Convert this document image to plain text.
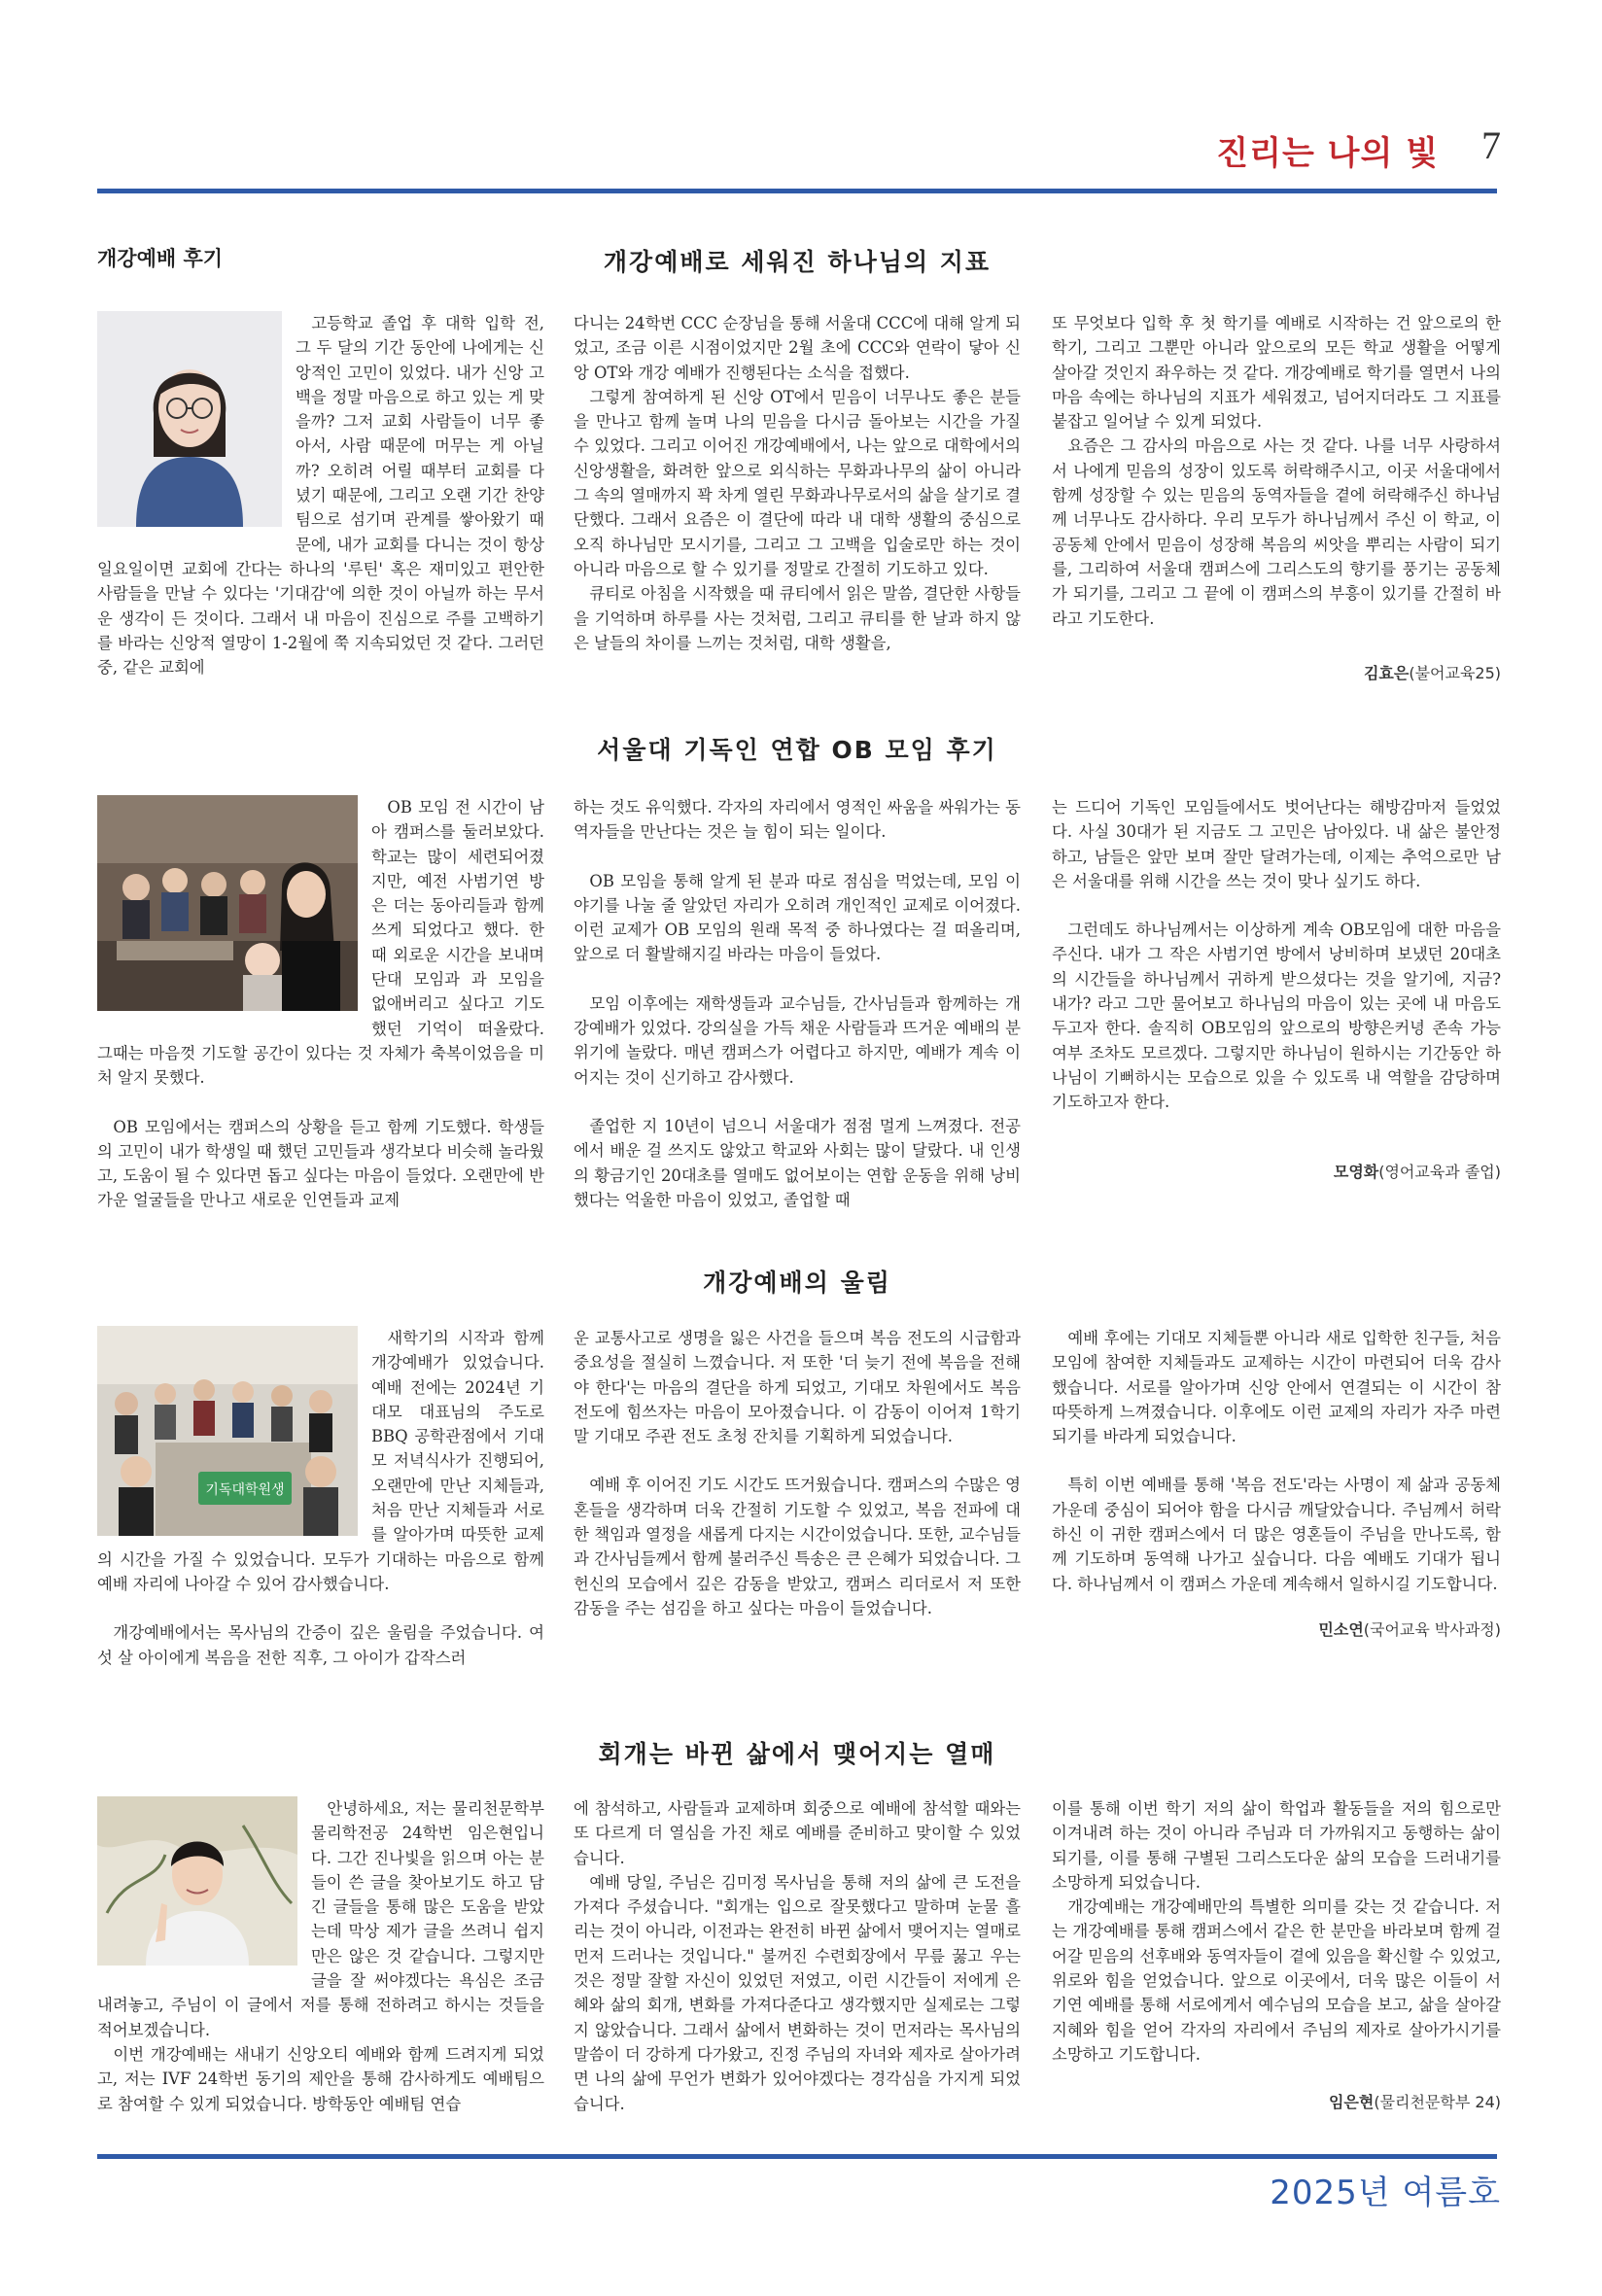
진리는 나의 빛 7
개강예배 후기	개강예배로 세워진 하나님의 지표

고등학교 졸업 후 대학 입학 전, 그 두 달의 기간 동안에 나에게는 신앙적인 고민이 있었다. 내가 신앙 고백을 정말 마음으로 하고 있는 게 맞을까? 그저 교회 사람들이 너무 좋아서, 사람 때문에 머무는 게 아닐까? 오히려 어릴 때부터 교회를 다녔기 때문에, 그리고 오랜 기간 찬양팀으로 섬기며 관계를 쌓아왔기 때문에, 내가 교회를 다니는 것이 항상 일요일이면 교회에 간다는 하나의 '루틴' 혹은 재미있고 편안한 사람들을 만날 수 있다는 '기대감'에 의한 것이 아닐까 하는 무서운 생각이 든 것이다. 그래서 내 마음이 진심으로 주를 고백하기를 바라는 신앙적 열망이 1-2월에 쭉 지속되었던 것 같다. 그러던 중, 같은 교회에

다니는 24학번 CCC 순장님을 통해 서울대 CCC에 대해 알게 되었고, 조금 이른 시점이었지만 2월 초에 CCC와 연락이 닿아 신앙 OT와 개강 예배가 진행된다는 소식을 접했다.

그렇게 참여하게 된 신앙 OT에서 믿음이 너무나도 좋은 분들을 만나고 함께 놀며 나의 믿음을 다시금 돌아보는 시간을 가질 수 있었다. 그리고 이어진 개강예배에서, 나는 앞으로 대학에서의 신앙생활을, 화려한 앞으로 외식하는 무화과나무의 삶이 아니라 그 속의 열매까지 꽉 차게 열린 무화과나무로서의 삶을 살기로 결단했다. 그래서 요즘은 이 결단에 따라 내 대학 생활의 중심으로 오직 하나님만 모시기를, 그리고 그 고백을 입술로만 하는 것이 아니라 마음으로 할 수 있기를 정말로 간절히 기도하고 있다.

큐티로 아침을 시작했을 때 큐티에서 읽은 말씀, 결단한 사항들을 기억하며 하루를 사는 것처럼, 그리고 큐티를 한 날과 하지 않은 날들의 차이를 느끼는 것처럼, 대학 생활을,

또 무엇보다 입학 후 첫 학기를 예배로 시작하는 건 앞으로의 한 학기, 그리고 그뿐만 아니라 앞으로의 모든 학교 생활을 어떻게 살아갈 것인지 좌우하는 것 같다. 개강예배로 학기를 열면서 나의 마음 속에는 하나님의 지표가 세워졌고, 넘어지더라도 그 지표를 붙잡고 일어날 수 있게 되었다.

요즘은 그 감사의 마음으로 사는 것 같다. 나를 너무 사랑하셔서 나에게 믿음의 성장이 있도록 허락해주시고, 이곳 서울대에서 함께 성장할 수 있는 믿음의 동역자들을 곁에 허락해주신 하나님께 너무나도 감사하다. 우리 모두가 하나님께서 주신 이 학교, 이 공동체 안에서 믿음이 성장해 복음의 씨앗을 뿌리는 사람이 되기를, 그리하여 서울대 캠퍼스에 그리스도의 향기를 풍기는 공동체가 되기를, 그리고 그 끝에 이 캠퍼스의 부흥이 있기를 간절히 바라고 기도한다.

김효은(불어교육25)
서울대 기독인 연합 OB 모임 후기

OB 모임 전 시간이 남아 캠퍼스를 둘러보았다. 학교는 많이 세련되어졌지만, 예전 사범기연 방은 더는 동아리들과 함께 쓰게 되었다고 했다. 한때 외로운 시간을 보내며 단대 모임과 과 모임을 없애버리고 싶다고 기도했던 기억이 떠올랐다. 그때는 마음껏 기도할 공간이 있다는 것 자체가 축복이었음을 미처 알지 못했다.

OB 모임에서는 캠퍼스의 상황을 듣고 함께 기도했다. 학생들의 고민이 내가 학생일 때 했던 고민들과 생각보다 비슷해 놀라웠고, 도움이 될 수 있다면 돕고 싶다는 마음이 들었다. 오랜만에 반가운 얼굴들을 만나고 새로운 인연들과 교제

하는 것도 유익했다. 각자의 자리에서 영적인 싸움을 싸워가는 동역자들을 만난다는 것은 늘 힘이 되는 일이다.

OB 모임을 통해 알게 된 분과 따로 점심을 먹었는데, 모임 이야기를 나눌 줄 알았던 자리가 오히려 개인적인 교제로 이어졌다. 이런 교제가 OB 모임의 원래 목적 중 하나였다는 걸 떠올리며, 앞으로 더 활발해지길 바라는 마음이 들었다.

모임 이후에는 재학생들과 교수님들, 간사님들과 함께하는 개강예배가 있었다. 강의실을 가득 채운 사람들과 뜨거운 예배의 분위기에 놀랐다. 매년 캠퍼스가 어렵다고 하지만, 예배가 계속 이어지는 것이 신기하고 감사했다.

졸업한 지 10년이 넘으니 서울대가 점점 멀게 느껴졌다. 전공에서 배운 걸 쓰지도 않았고 학교와 사회는 많이 달랐다. 내 인생의 황금기인 20대초를 열매도 없어보이는 연합 운동을 위해 낭비했다는 억울한 마음이 있었고, 졸업할 때

는 드디어 기독인 모임들에서도 벗어난다는 해방감마저 들었었다. 사실 30대가 된 지금도 그 고민은 남아있다. 내 삶은 불안정하고, 남들은 앞만 보며 잘만 달려가는데, 이제는 추억으로만 남은 서울대를 위해 시간을 쓰는 것이 맞나 싶기도 하다.

그런데도 하나님께서는 이상하게 계속 OB모임에 대한 마음을 주신다. 내가 그 작은 사범기연 방에서 낭비하며 보냈던 20대초의 시간들을 하나님께서 귀하게 받으셨다는 것을 알기에, 지금? 내가? 라고 그만 물어보고 하나님의 마음이 있는 곳에 내 마음도 두고자 한다. 솔직히 OB모임의 앞으로의 방향은커녕 존속 가능 여부 조차도 모르겠다. 그렇지만 하나님이 원하시는 기간동안 하나님이 기뻐하시는 모습으로 있을 수 있도록 내 역할을 감당하며 기도하고자 한다.

모영화(영어교육과 졸업)
개강예배의 울림
기독대학원생

새학기의 시작과 함께 개강예배가 있었습니다. 예배 전에는 2024년 기대모 대표님의 주도로 BBQ 공학관점에서 기대모 저녁식사가 진행되어, 오랜만에 만난 지체들과, 처음 만난 지체들과 서로를 알아가며 따뜻한 교제의 시간을 가질 수 있었습니다. 모두가 기대하는 마음으로 함께 예배 자리에 나아갈 수 있어 감사했습니다.

개강예배에서는 목사님의 간증이 깊은 울림을 주었습니다. 여섯 살 아이에게 복음을 전한 직후, 그 아이가 갑작스러

운 교통사고로 생명을 잃은 사건을 들으며 복음 전도의 시급함과 중요성을 절실히 느꼈습니다. 저 또한 '더 늦기 전에 복음을 전해야 한다'는 마음의 결단을 하게 되었고, 기대모 차원에서도 복음 전도에 힘쓰자는 마음이 모아졌습니다. 이 감동이 이어져 1학기 말 기대모 주관 전도 초청 잔치를 기획하게 되었습니다.

예배 후 이어진 기도 시간도 뜨거웠습니다. 캠퍼스의 수많은 영혼들을 생각하며 더욱 간절히 기도할 수 있었고, 복음 전파에 대한 책임과 열정을 새롭게 다지는 시간이었습니다. 또한, 교수님들과 간사님들께서 함께 불러주신 특송은 큰 은혜가 되었습니다. 그 헌신의 모습에서 깊은 감동을 받았고, 캠퍼스 리더로서 저 또한 감동을 주는 섬김을 하고 싶다는 마음이 들었습니다.

예배 후에는 기대모 지체들뿐 아니라 새로 입학한 친구들, 처음 모임에 참여한 지체들과도 교제하는 시간이 마련되어 더욱 감사했습니다. 서로를 알아가며 신앙 안에서 연결되는 이 시간이 참 따뜻하게 느껴졌습니다. 이후에도 이런 교제의 자리가 자주 마련되기를 바라게 되었습니다.

특히 이번 예배를 통해 '복음 전도'라는 사명이 제 삶과 공동체 가운데 중심이 되어야 함을 다시금 깨달았습니다. 주님께서 허락하신 이 귀한 캠퍼스에서 더 많은 영혼들이 주님을 만나도록, 함께 기도하며 동역해 나가고 싶습니다. 다음 예배도 기대가 됩니다. 하나님께서 이 캠퍼스 가운데 계속해서 일하시길 기도합니다.

민소연(국어교육 박사과정)
회개는 바뀐 삶에서 맺어지는 열매

안녕하세요, 저는 물리천문학부 물리학전공 24학번 임은현입니다. 그간 진나빛을 읽으며 아는 분들이 쓴 글을 찾아보기도 하고 담긴 글들을 통해 많은 도움을 받았는데 막상 제가 글을 쓰려니 쉽지만은 않은 것 같습니다. 그렇지만 글을 잘 써야겠다는 욕심은 조금 내려놓고, 주님이 이 글에서 저를 통해 전하려고 하시는 것들을 적어보겠습니다.

이번 개강예배는 새내기 신앙오티 예배와 함께 드려지게 되었고, 저는 IVF 24학번 동기의 제안을 통해 감사하게도 예배팀으로 참여할 수 있게 되었습니다. 방학동안 예배팀 연습

에 참석하고, 사람들과 교제하며 회중으로 예배에 참석할 때와는 또 다르게 더 열심을 가진 채로 예배를 준비하고 맞이할 수 있었습니다.

예배 당일, 주님은 김미정 목사님을 통해 저의 삶에 큰 도전을 가져다 주셨습니다. "회개는 입으로 잘못했다고 말하며 눈물 흘리는 것이 아니라, 이전과는 완전히 바뀐 삶에서 맺어지는 열매로 먼저 드러나는 것입니다." 불꺼진 수련회장에서 무릎 꿇고 우는 것은 정말 잘할 자신이 있었던 저였고, 이런 시간들이 저에게 은혜와 삶의 회개, 변화를 가져다준다고 생각했지만 실제로는 그렇지 않았습니다. 그래서 삶에서 변화하는 것이 먼저라는 목사님의 말씀이 더 강하게 다가왔고, 진정 주님의 자녀와 제자로 살아가려면 나의 삶에 무언가 변화가 있어야겠다는 경각심을 가지게 되었습니다.

이를 통해 이번 학기 저의 삶이 학업과 활동들을 저의 힘으로만 이겨내려 하는 것이 아니라 주님과 더 가까워지고 동행하는 삶이 되기를, 이를 통해 구별된 그리스도다운 삶의 모습을 드러내기를 소망하게 되었습니다.

개강예배는 개강예배만의 특별한 의미를 갖는 것 같습니다. 저는 개강예배를 통해 캠퍼스에서 같은 한 분만을 바라보며 함께 걸어갈 믿음의 선후배와 동역자들이 곁에 있음을 확신할 수 있었고, 위로와 힘을 얻었습니다. 앞으로 이곳에서, 더욱 많은 이들이 서기연 예배를 통해 서로에게서 예수님의 모습을 보고, 삶을 살아갈 지혜와 힘을 얻어 각자의 자리에서 주님의 제자로 살아가시기를 소망하고 기도합니다.

임은현(물리천문학부 24)
2025년 여름호
